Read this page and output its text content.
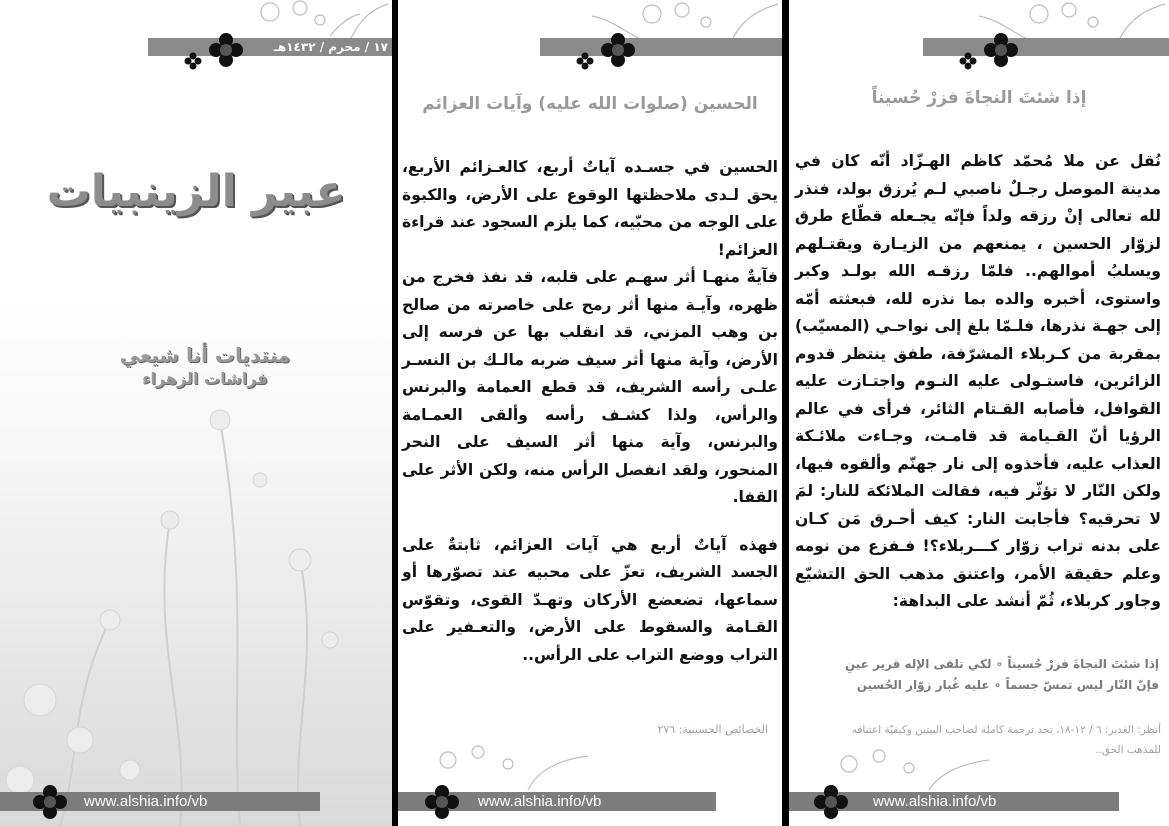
١٧ / محرم / ١٤٣٢هـ
عبير الزينبيات
منتديات أنا شيعي
فراشات الزهراء
www.alshia.info/vb
الحسين (صلوات الله عليه) وآيات العزائم

الحسين في جسـده آياتٌ أربع، كالعـزائم الأربع، يحق لـدى ملاحظتها الوقوع على الأرض، والكبوة على الوجه من محبّيه، كما يلزم السجود عند قراءة العزائم!

فآيةٌ منهـا أثر سهـم على قلبه، قد نفذ فخرج من ظهره، وآيـة منها أثر رمح على خاصرته من صالح بن وهب المزني، قد انقلب بها عن فرسه إلى الأرض، وآية منها أثر سيف ضربه مالـك بن النسـر علـى رأسه الشريف، قد قطع العمامة والبرنس والرأس، ولذا كشـف رأسه وألقى العمـامة والبرنس، وآية منها أثر السيف على النحر المنحور، ولقد انفصل الرأس منه، ولكن الأثر على القفا.

فهذه آياتٌ أربع هي آيات العزائم، ثابتةٌ على الجسد الشريف، تعزّ على محبيه عند تصوّرها أو سماعها، تضعضع الأركان وتهـدّ القوى، وتقوّس القـامة والسقوط على الأرض، والتعـفير على التراب ووضع التراب على الرأس..

الخصائص الحسينية: ٢٧٦
www.alshia.info/vb
إذا شئتَ النجاةَ فزرْ حُسيناً

نُقل عن ملا مُحمّد كاظم الهـزّاد أنّه كان في مدينة الموصل رجـلٌ ناصبي لـم يُرزق بولد، فنذر لله تعالى إنْ رزقه ولداً فإنّه يجـعله قطّاع طرق لزوّار الحسين ، يمنعهم من الزيـارة ويقتـلهم ويسلبُ أموالهم.. فلمّا رزقـه الله بولـد وكبر واستوى، أخبره والده بما نذره لله، فبعثته أمّه إلى جهـة نذرها، فلـمّا بلغ إلى نواحـي (المسيّب) بمقربة من كـربلاء المشرّفة، طفق ينتظر قدوم الزائرين، فاستـولى عليه النـوم واجتـازت عليه القوافل، فأصابه القـتام الثائر، فرأى في عالم الرؤيا أنّ القـيامة قد قامـت، وجـاءت ملائـكة العذاب عليه، فأخذوه إلى نار جهنّم وألقوه فيها، ولكن النّار لا تؤثّر فيه، فقالت الملائكة للنار: لمَ لا تحرقيه؟ فأجابت النار: كيف أحـرق مَن كـان على بدنه تراب زوّار كـــربلاء؟! فـفزع من نومه وعلم حقيقة الأمر، واعتنق مذهب الحق التشيّع وجاور كربلاء، ثُمّ أنشد على البداهة:

إذا شئتَ النجاةَ فزرْ حُسيناً ∘ لكي تلقى الإله قرير عينِ
فإنّ النّار ليس تمسّ جسماً ∘ عليه غُبار زوّار الحُسين
أنظر: الغدير: ٦ / ١٢-١٨، تجد ترجمة كاملة لصاحب البيتين وكيفيّة اعتناقه للمذهب الحق..
www.alshia.info/vb
